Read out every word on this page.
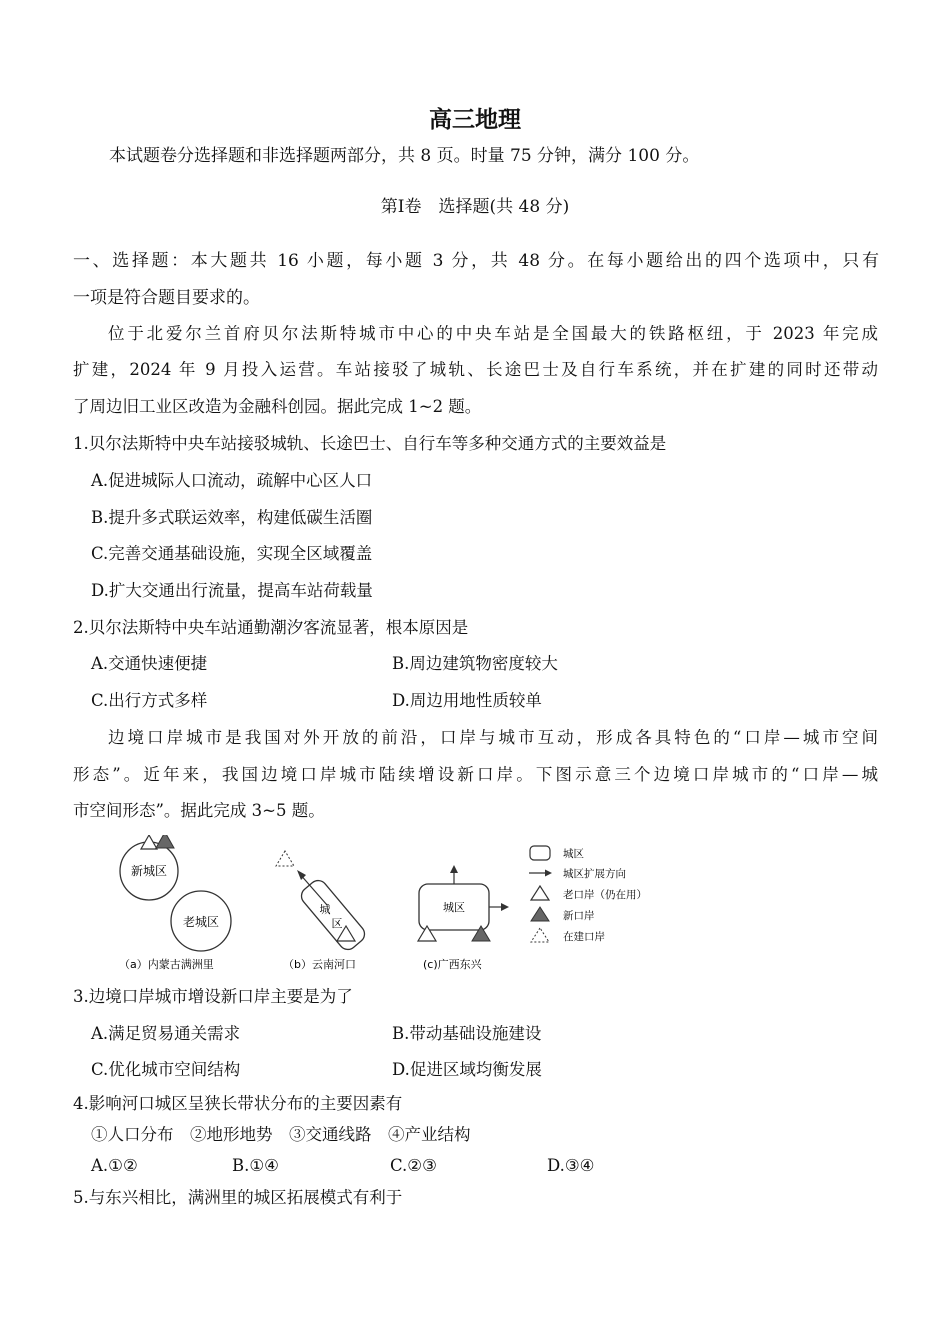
高三地理
本试题卷分选择题和非选择题两部分，共 8 页。时量 75 分钟，满分 100 分。
第Ⅰ卷　选择题(共 48 分)
一、选择题：本大题共 16 小题，每小题 3 分，共 48 分。在每小题给出的四个选项中，只有
一项是符合题目要求的。
位于北爱尔兰首府贝尔法斯特城市中心的中央车站是全国最大的铁路枢纽，于 2023 年完成
扩建，2024 年 9 月投入运营。车站接驳了城轨、长途巴士及自行车系统，并在扩建的同时还带动
了周边旧工业区改造为金融科创园。据此完成 1~2 题。
1.贝尔法斯特中央车站接驳城轨、长途巴士、自行车等多种交通方式的主要效益是
A.促进城际人口流动，疏解中心区人口
B.提升多式联运效率，构建低碳生活圈
C.完善交通基础设施，实现全区域覆盖
D.扩大交通出行流量，提高车站荷载量
2.贝尔法斯特中央车站通勤潮汐客流显著，根本原因是
A.交通快速便捷	B.周边建筑物密度较大
C.出行方式多样	D.周边用地性质较单
边境口岸城市是我国对外开放的前沿，口岸与城市互动，形成各具特色的“口岸—城市空间
形态”。近年来，我国边境口岸城市陆续增设新口岸。下图示意三个边境口岸城市的“口岸—城
市空间形态”。据此完成 3~5 题。
新城区
老城区
（a）内蒙古满洲里
城
区
（b）云南河口
城区
(c)广西东兴
城区
城区扩展方向
老口岸（仍在用）
新口岸
在建口岸
3.边境口岸城市增设新口岸主要是为了
A.满足贸易通关需求	B.带动基础设施建设
C.优化城市空间结构	D.促进区域均衡发展
4.影响河口城区呈狭长带状分布的主要因素有
①人口分布　②地形地势　③交通线路　④产业结构
A.①②	B.①④	C.②③	D.③④
5.与东兴相比，满洲里的城区拓展模式有利于
